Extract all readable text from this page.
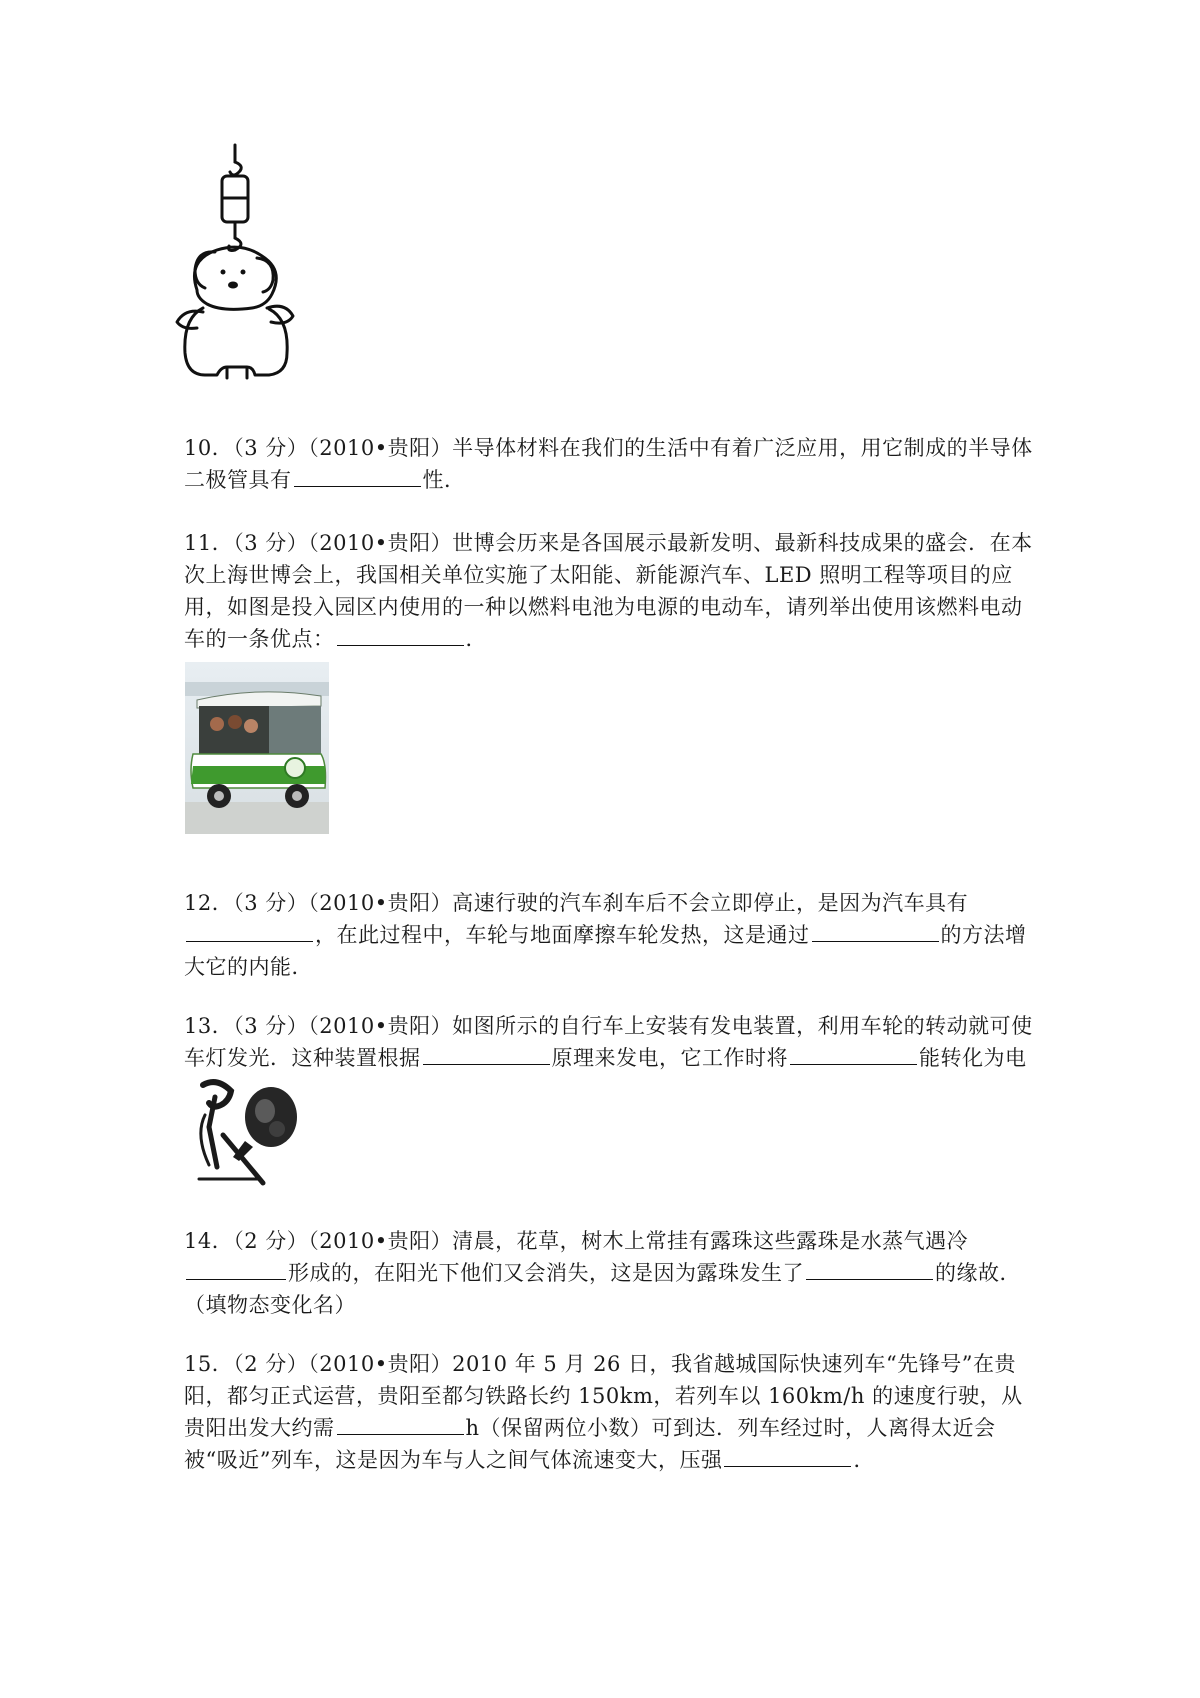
10．（3 分）（2010•贵阳）半导体材料在我们的生活中有着广泛应用，用它制成的半导体二极管具有	性．
11．（3 分）（2010•贵阳）世博会历来是各国展示最新发明、最新科技成果的盛会．在本次上海世博会上，我国相关单位实施了太阳能、新能源汽车、LED 照明工程等项目的应用，如图是投入园区内使用的一种以燃料电池为电源的电动车，请列举出使用该燃料电动车的一条优点：	．
12．（3 分）（2010•贵阳）高速行驶的汽车刹车后不会立即停止，是因为汽车具有，在此过程中，车轮与地面摩擦车轮发热，这是通过	的方法增大它的内能．
13．（3 分）（2010•贵阳）如图所示的自行车上安装有发电装置，利用车轮的转动就可使车灯发光．这种装置根据	原理来发电，它工作时将	能转化为电
14．（2 分）（2010•贵阳）清晨，花草，树木上常挂有露珠这些露珠是水蒸气遇冷形成的，在阳光下他们又会消失，这是因为露珠发生了	的缘故．（填物态变化名）
15．（2 分）（2010•贵阳）2010 年 5 月 26 日，我省越城国际快速列车“先锋号”在贵阳，都匀正式运营，贵阳至都匀铁路长约 150km，若列车以 160km/h 的速度行驶，从贵阳出发大约需	h（保留两位小数）可到达．列车经过时，人离得太近会被“吸近”列车，这是因为车与人之间气体流速变大，压强	．
